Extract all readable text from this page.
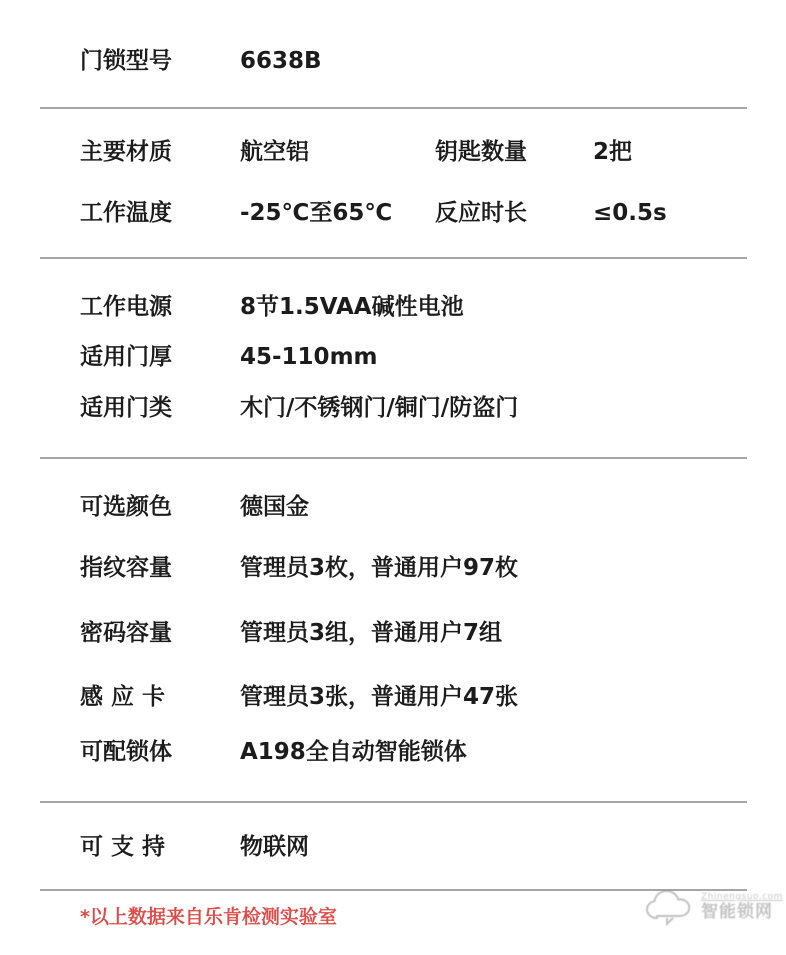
门锁型号	6638B
主要材质	航空铝	钥匙数量	2把
工作温度	-25℃至65℃	反应时长	≤0.5s
工作电源	8节1.5VAA碱性电池
适用门厚	45-110mm
适用门类	木门/不锈钢门/铜门/防盗门
可选颜色	德国金
指纹容量	管理员3枚，普通用户97枚
密码容量	管理员3组，普通用户7组
感 应 卡	管理员3张，普通用户47张
可配锁体	A198全自动智能锁体
可 支 持	物联网
*以上数据来自乐肯检测实验室
Zhinengsuo.com
智能锁网
